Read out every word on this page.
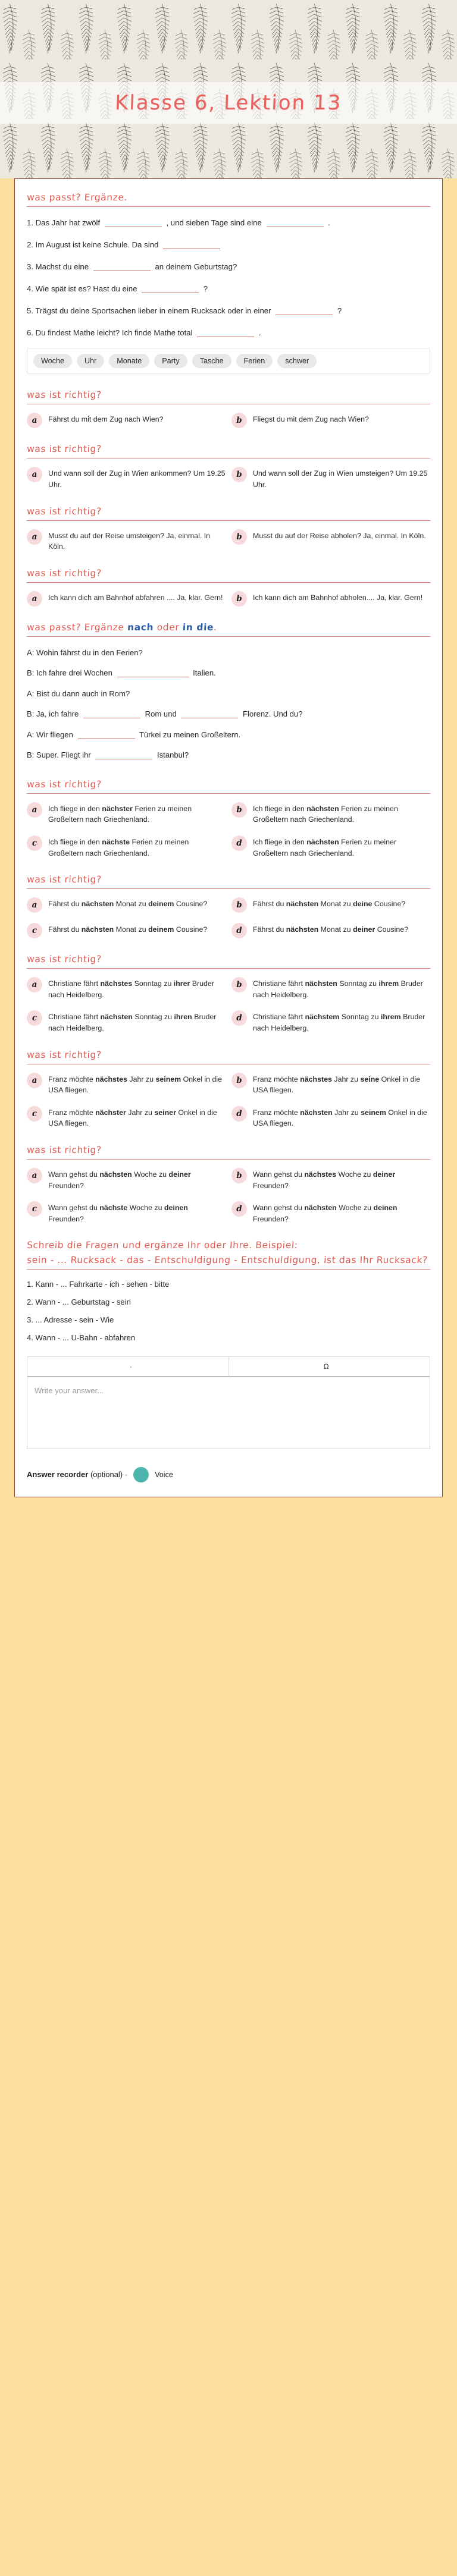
Klasse 6, Lektion 13
was passt? Ergänze.
1. Das Jahr hat zwölf	, und sieben Tage sind eine	.
2. Im August ist keine Schule. Da sind
3. Machst du eine	an deinem Geburtstag?
4. Wie spät ist es? Hast du eine	?
5. Trägst du deine Sportsachen lieber in einem Rucksack oder in einer	?
6. Du findest Mathe leicht? Ich finde Mathe total	.
Woche	Uhr	Monate	Party	Tasche	Ferien	schwer
was ist richtig?
a	Fährst du mit dem Zug nach Wien?	b	Fliegst du mit dem Zug nach Wien?
was ist richtig?
a	Und wann soll der Zug in Wien ankommen? Um 19.25 Uhr.
b	Und wann soll der Zug in Wien umsteigen? Um 19.25 Uhr.
was ist richtig?
a	Musst du auf der Reise umsteigen? Ja, einmal. In Köln.
b	Musst du auf der Reise abholen? Ja, einmal. In Köln.
was ist richtig?
a	Ich kann dich am Bahnhof abfahren .... Ja, klar. Gern!	b	Ich kann dich am Bahnhof abholen.... Ja, klar. Gern!
was passt? Ergänze nach oder in die.
A: Wohin fährst du in den Ferien?
B: Ich fahre drei Wochen	Italien.
A: Bist du dann auch in Rom?
B: Ja, ich fahre	Rom und	Florenz. Und du?
A: Wir fliegen	Türkei zu meinen Großeltern.
B: Super. Fliegt ihr	Istanbul?
was ist richtig?
a	Ich fliege in den nächster Ferien zu meinen Großeltern nach Griechenland.
b	Ich fliege in den nächsten Ferien zu meinen Großeltern nach Griechenland.
c	Ich fliege in den nächste Ferien zu meinen Großeltern nach Griechenland.
d	Ich fliege in den nächsten Ferien zu meiner Großeltern nach Griechenland.
was ist richtig?
a	Fährst du nächsten Monat zu deinem Cousine?	b	Fährst du nächsten Monat zu deine Cousine?
c	Fährst du nächsten Monat zu deinem Cousine?	d	Fährst du nächsten Monat zu deiner Cousine?
was ist richtig?
a	Christiane fährt nächstes Sonntag zu ihrer Bruder nach Heidelberg.
b	Christiane fährt nächsten Sonntag zu ihrem Bruder nach Heidelberg.
c	Christiane fährt nächsten Sonntag zu ihren Bruder nach Heidelberg.
d	Christiane fährt nächstem Sonntag zu ihrem Bruder nach Heidelberg.
was ist richtig?
a	Franz möchte nächstes Jahr zu seinem Onkel in die USA fliegen.
b	Franz möchte nächstes Jahr zu seine Onkel in die USA fliegen.
c	Franz möchte nächster Jahr zu seiner Onkel in die USA fliegen.
d	Franz möchte nächsten Jahr zu seinem Onkel in die USA fliegen.
was ist richtig?
a	Wann gehst du nächsten Woche zu deiner Freunden?
b	Wann gehst du nächstes Woche zu deiner Freunden?
c	Wann gehst du nächste Woche zu deinen Freunden?
d	Wann gehst du nächsten Woche zu deinen Freunden?
Schreib die Fragen und ergänze Ihr oder Ihre. Beispiel:
sein - ... Rucksack - das - Entschuldigung - Entschuldigung, ist das Ihr Rucksack?
1. Kann - ... Fahrkarte - ich - sehen - bitte
2. Wann - ... Geburtstag - sein
3. ... Adresse - sein - Wie
4. Wann - ... U-Bahn - abfahren
·	Ω
Write your answer...
Answer recorder (optional) -	Voice
